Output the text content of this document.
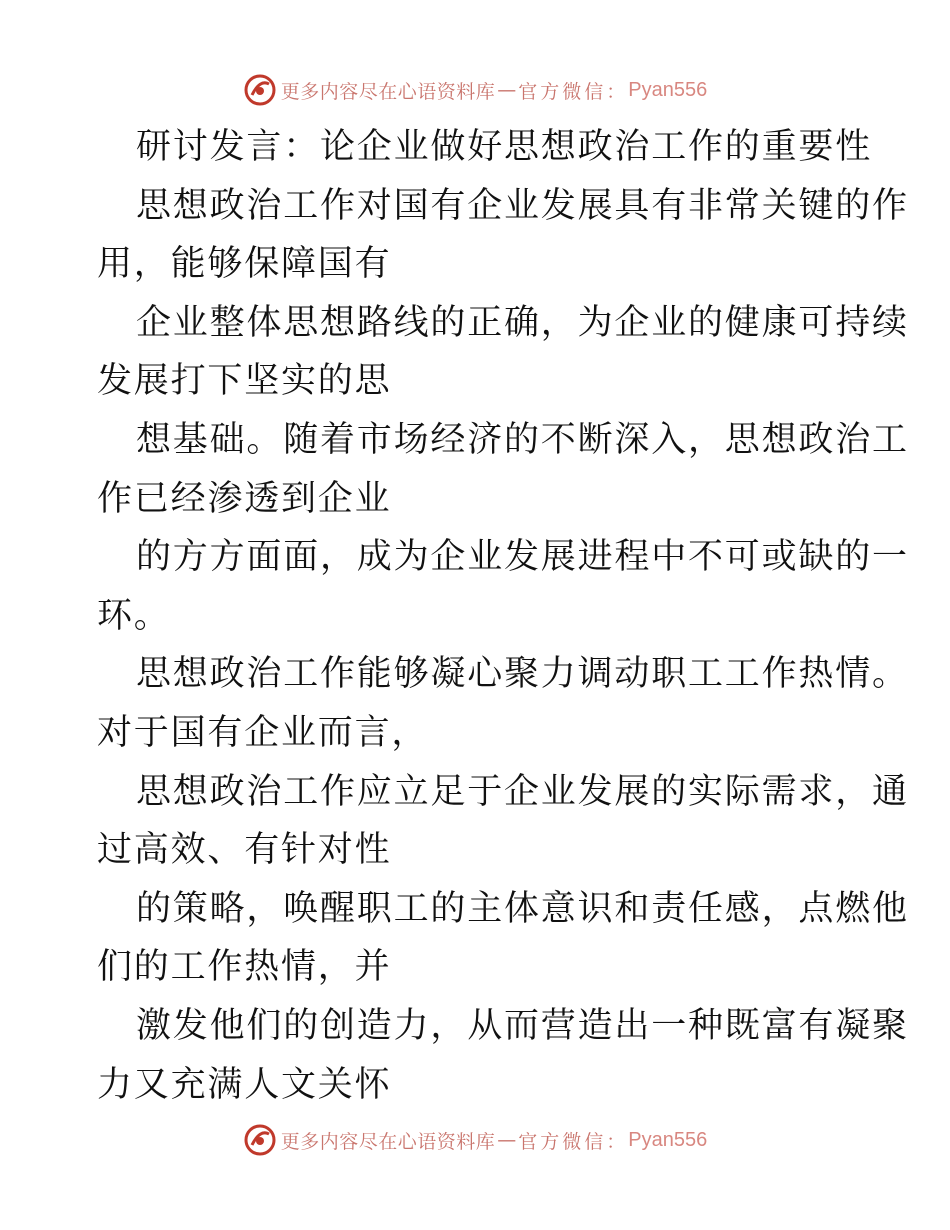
更多内容尽在心语资料库 — 官方微信： Pyan556
研讨发言：论企业做好思想政治工作的重要性
思想政治工作对国有企业发展具有非常关键的作
用，能够保障国有
企业整体思想路线的正确，为企业的健康可持续
发展打下坚实的思
想基础。随着市场经济的不断深入，思想政治工
作已经渗透到企业
的方方面面，成为企业发展进程中不可或缺的一
环。
思想政治工作能够凝心聚力调动职工工作热情。
对于国有企业而言，
思想政治工作应立足于企业发展的实际需求，通
过高效、有针对性
的策略，唤醒职工的主体意识和责任感，点燃他
们的工作热情，并
激发他们的创造力，从而营造出一种既富有凝聚
力又充满人文关怀
更多内容尽在心语资料库 — 官方微信： Pyan556
